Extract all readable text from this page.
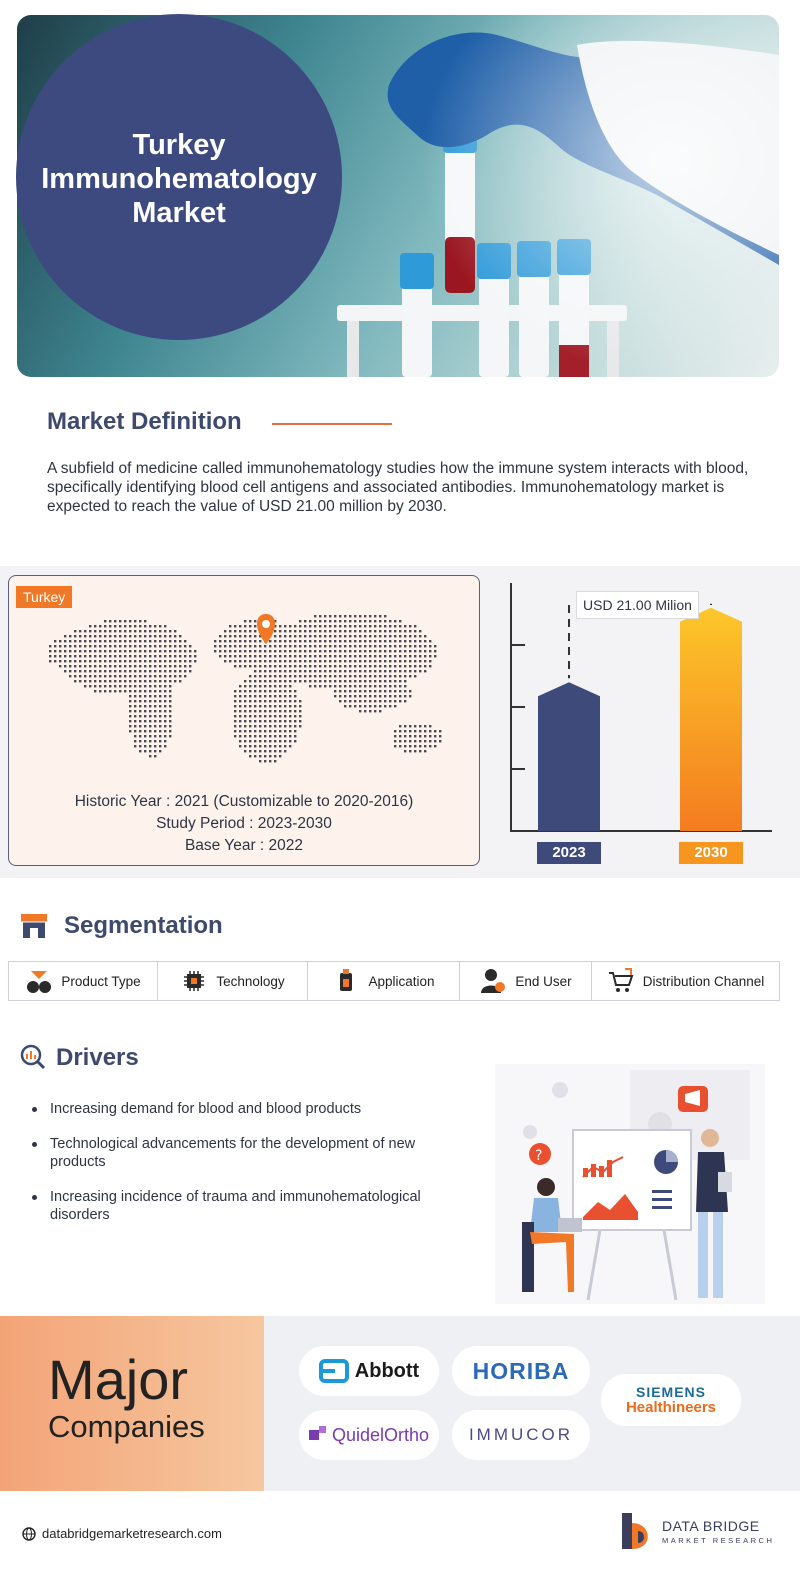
Turkey
Immunohematology
Market
Market Definition

A subfield of medicine called immunohematology studies how the immune system interacts with blood, specifically identifying blood cell antigens and associated antibodies. Immunohematology market is expected to reach the value of USD 21.00 million by 2030.

Turkey
Historic Year : 2021 (Customizable to 2020-2016)
Study Period : 2023-2030
Base Year : 2022
USD 21.00 Milion
2023	2030
Segmentation
Product Type	Technology	Application	End User	Distribution Channel
Drivers
Increasing demand for blood and blood products
Technological advancements for the development of new products
Increasing incidence of trauma and immunohematological disorders
?
Major
Companies
Abbott HORIBA
SIEMENS
Healthineers
QuidelOrtho IMMUCOR
databridgemarketresearch.com	DATA BRIDGE
MARKET RESEARCH
